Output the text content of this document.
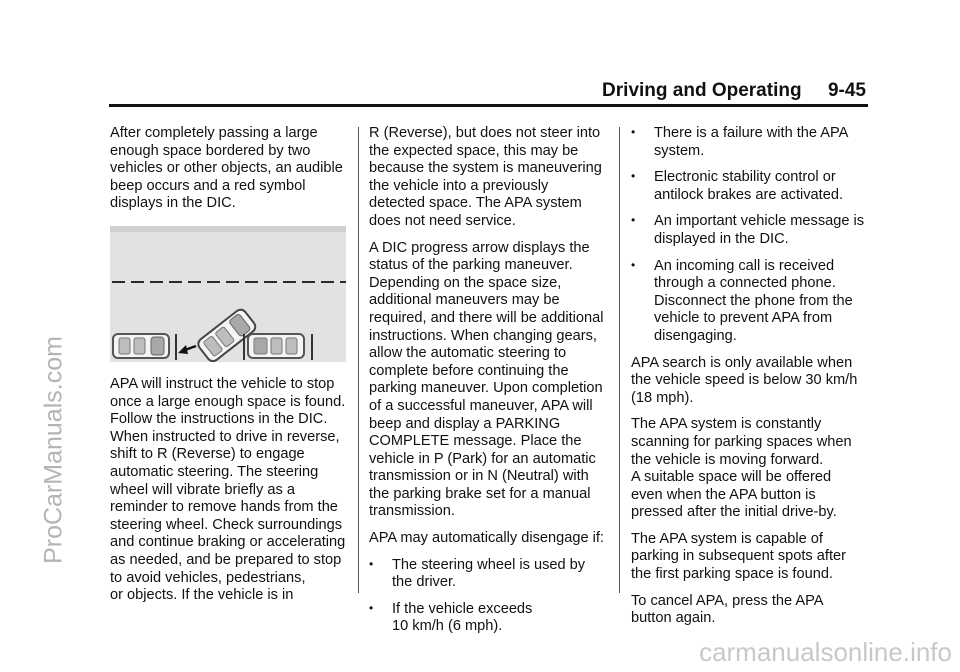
ProCarManuals.com
Driving and Operating     9-45

After completely passing a large
enough space bordered by two
vehicles or other objects, an audible
beep occurs and a red symbol
displays in the DIC.

APA will instruct the vehicle to stop
once a large enough space is found.
Follow the instructions in the DIC.
When instructed to drive in reverse,
shift to R (Reverse) to engage
automatic steering. The steering
wheel will vibrate briefly as a
reminder to remove hands from the
steering wheel. Check surroundings
and continue braking or accelerating
as needed, and be prepared to stop
to avoid vehicles, pedestrians,
or objects. If the vehicle is in

R (Reverse), but does not steer into
the expected space, this may be
because the system is maneuvering
the vehicle into a previously
detected space. The APA system
does not need service.

A DIC progress arrow displays the
status of the parking maneuver.
Depending on the space size,
additional maneuvers may be
required, and there will be additional
instructions. When changing gears,
allow the automatic steering to
complete before continuing the
parking maneuver. Upon completion
of a successful maneuver, APA will
beep and display a PARKING
COMPLETE message. Place the
vehicle in P (Park) for an automatic
transmission or in N (Neutral) with
the parking brake set for a manual
transmission.

APA may automatically disengage if:

• The steering wheel is used by
the driver.
• If the vehicle exceeds
10 km/h (6 mph).
• There is a failure with the APA
system.
• Electronic stability control or
antilock brakes are activated.
• An important vehicle message is
displayed in the DIC.
• An incoming call is received
through a connected phone.
Disconnect the phone from the
vehicle to prevent APA from
disengaging.

APA search is only available when
the vehicle speed is below 30 km/h
(18 mph).

The APA system is constantly
scanning for parking spaces when
the vehicle is moving forward.
A suitable space will be offered
even when the APA button is
pressed after the initial drive-by.

The APA system is capable of
parking in subsequent spots after
the first parking space is found.

To cancel APA, press the APA
button again.

carmanualsonline.info
